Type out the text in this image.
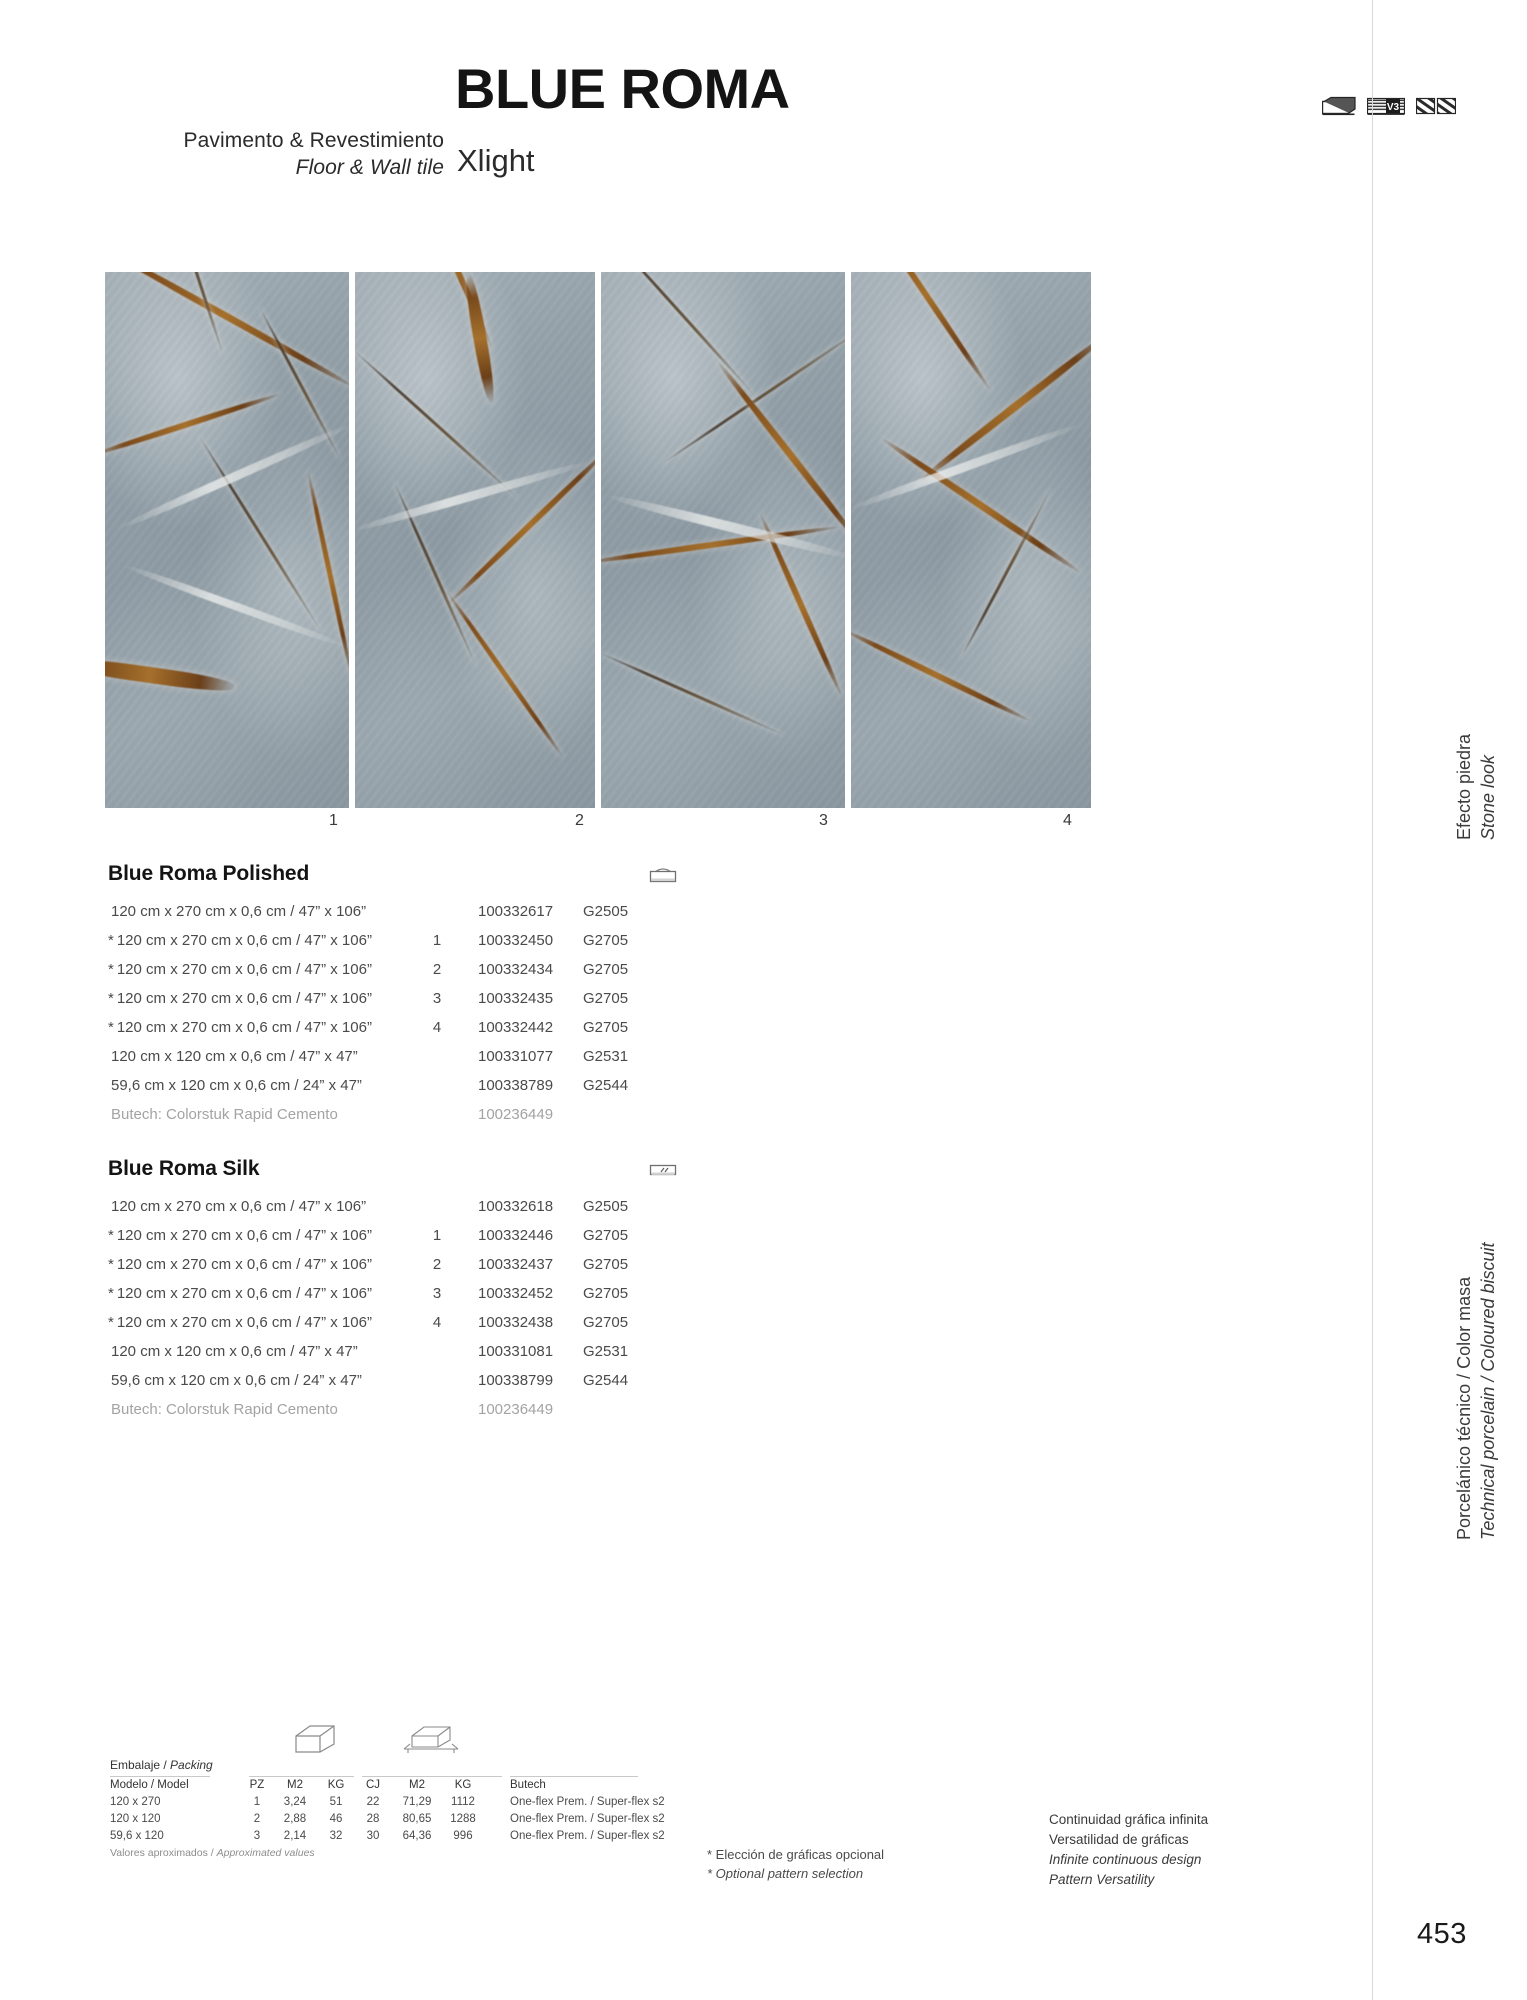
Pavimento & Revestimiento
Floor & Wall tile
BLUE ROMA
Xlight
V3
1	2	3	4
Blue Roma Polished
120 cm x 270 cm x 0,6 cm / 47” x 106”	100332617 G2505
* 120 cm x 270 cm x 0,6 cm / 47” x 106”	1 100332450 G2705
* 120 cm x 270 cm x 0,6 cm / 47” x 106”	2 100332434 G2705
* 120 cm x 270 cm x 0,6 cm / 47” x 106”	3 100332435 G2705
* 120 cm x 270 cm x 0,6 cm / 47” x 106”	4 100332442 G2705
120 cm x 120 cm x 0,6 cm / 47” x 47”	100331077 G2531
59,6 cm x 120 cm x 0,6 cm / 24” x 47”	100338789 G2544
Butech: Colorstuk Rapid Cemento	100236449
Blue Roma Silk
120 cm x 270 cm x 0,6 cm / 47” x 106”	100332618 G2505
* 120 cm x 270 cm x 0,6 cm / 47” x 106”	1 100332446 G2705
* 120 cm x 270 cm x 0,6 cm / 47” x 106”	2 100332437 G2705
* 120 cm x 270 cm x 0,6 cm / 47” x 106”	3 100332452 G2705
* 120 cm x 270 cm x 0,6 cm / 47” x 106”	4 100332438 G2705
120 cm x 120 cm x 0,6 cm / 47” x 47”	100331081 G2531
59,6 cm x 120 cm x 0,6 cm / 24” x 47”	100338799 G2544
Butech: Colorstuk Rapid Cemento	100236449
Efecto piedra Stone look
Porcelánico técnico / Color masa Technical porcelain / Coloured biscuit
Embalaje / Packing
Modelo / Model	PZ	M2	KG	CJ	M2	KG	Butech
120 x 270	1	3,24	51	22	71,29	1112	One-flex Prem. / Super-flex s2
120 x 120	2	2,88	46	28	80,65	1288	One-flex Prem. / Super-flex s2
59,6 x 120	3	2,14	32	30	64,36	996	One-flex Prem. / Super-flex s2
Valores aproximados / Approximated values	* Elección de gráficas opcional
* Optional pattern selection
Continuidad gráfica infinita
Versatilidad de gráficas
Infinite continuous design
Pattern Versatility
453
